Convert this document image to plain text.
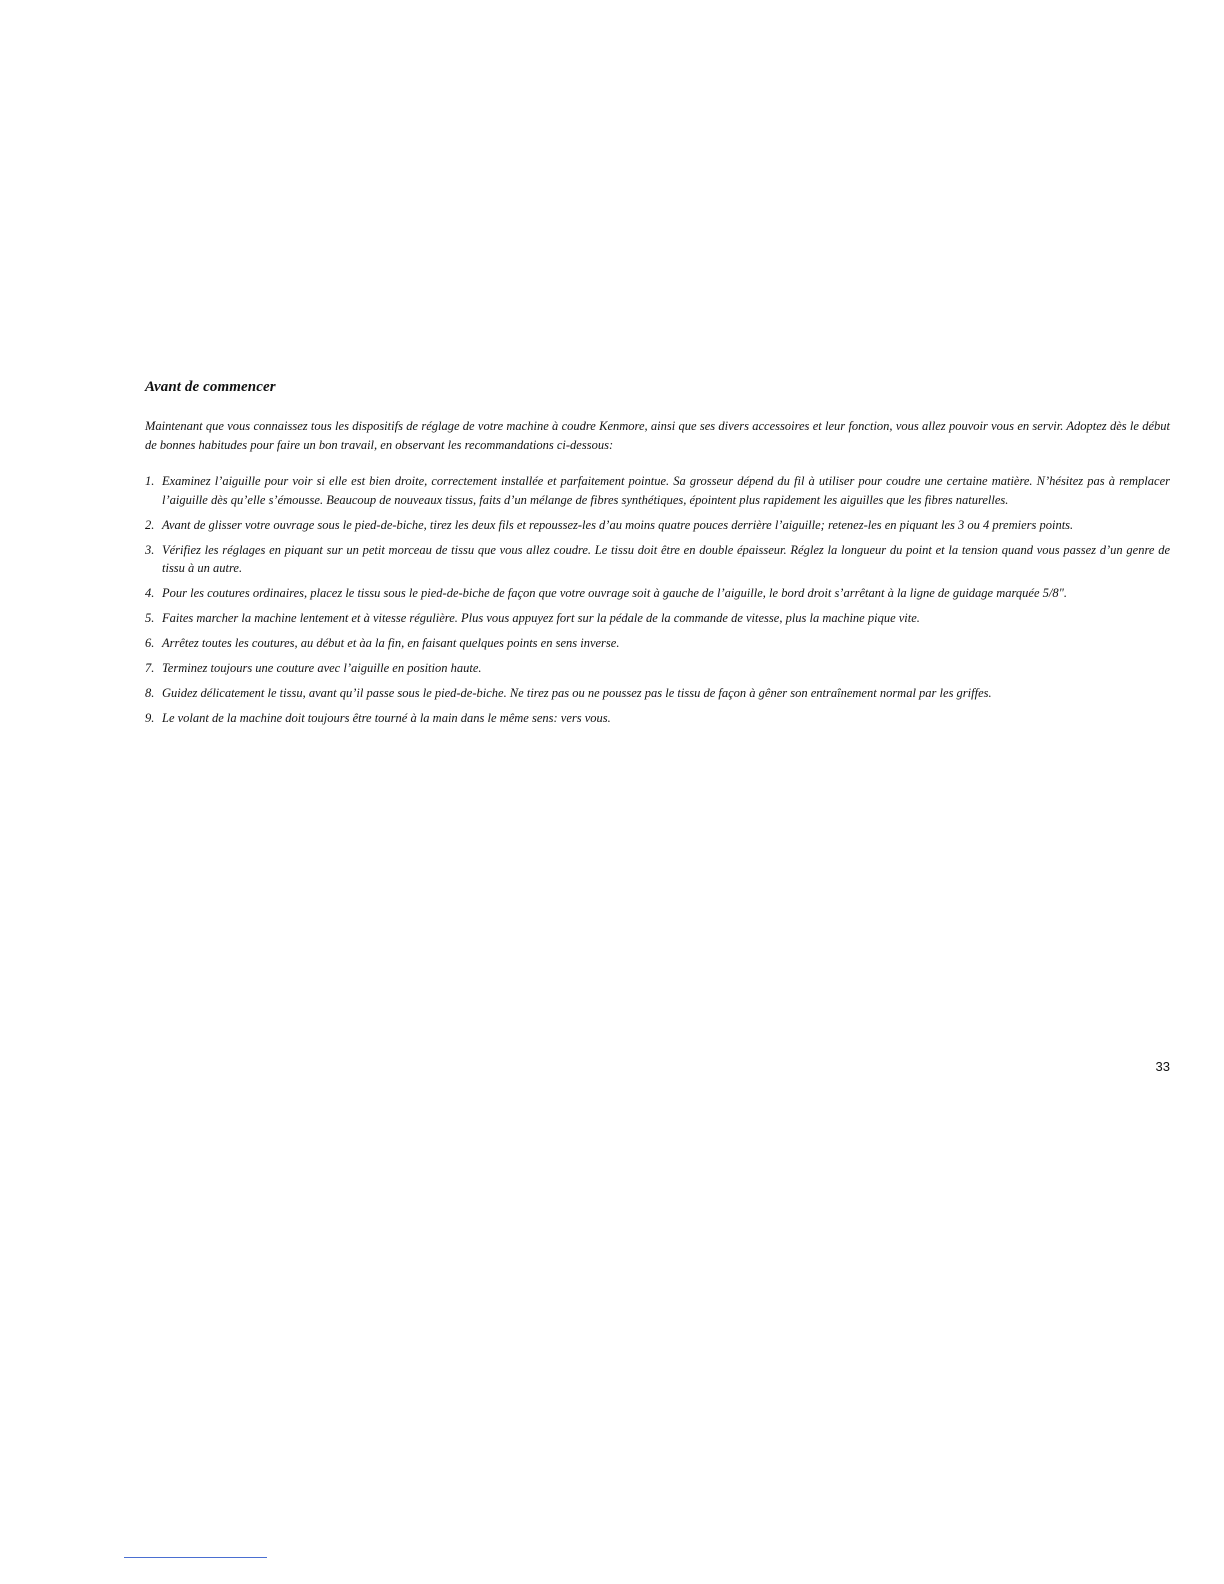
Avant de commencer

Maintenant que vous connaissez tous les dispositifs de réglage de votre machine à coudre Kenmore, ainsi que ses divers accessoires et leur fonction, vous allez pouvoir vous en servir. Adoptez dès le début de bonnes habitudes pour faire un bon travail, en observant les recommandations ci-dessous:

1. Examinez l’aiguille pour voir si elle est bien droite, correctement installée et parfaitement pointue. Sa grosseur dépend du fil à utiliser pour coudre une certaine matière. N’hésitez pas à remplacer l’aiguille dès qu’elle s’émousse. Beaucoup de nouveaux tissus, faits d’un mélange de fibres synthétiques, épointent plus rapidement les aiguilles que les fibres naturelles.
2. Avant de glisser votre ouvrage sous le pied-de-biche, tirez les deux fils et repoussez-les d’au moins quatre pouces derrière l’aiguille; retenez-les en piquant les 3 ou 4 premiers points.
3. Vérifiez les réglages en piquant sur un petit morceau de tissu que vous allez coudre. Le tissu doit être en double épaisseur. Réglez la longueur du point et la tension quand vous passez d’un genre de tissu à un autre.
4. Pour les coutures ordinaires, placez le tissu sous le pied-de-biche de façon que votre ouvrage soit à gauche de l’aiguille, le bord droit s’arrêtant à la ligne de guidage marquée 5/8".
5. Faites marcher la machine lentement et à vitesse régulière. Plus vous appuyez fort sur la pédale de la commande de vitesse, plus la machine pique vite.
6. Arrêtez toutes les coutures, au début et àa la fin, en faisant quelques points en sens inverse.
7. Terminez toujours une couture avec l’aiguille en position haute.
8. Guidez délicatement le tissu, avant qu’il passe sous le pied-de-biche. Ne tirez pas ou ne poussez pas le tissu de façon à gêner son entraînement normal par les griffes.
9. Le volant de la machine doit toujours être tourné à la main dans le même sens: vers vous.
33
